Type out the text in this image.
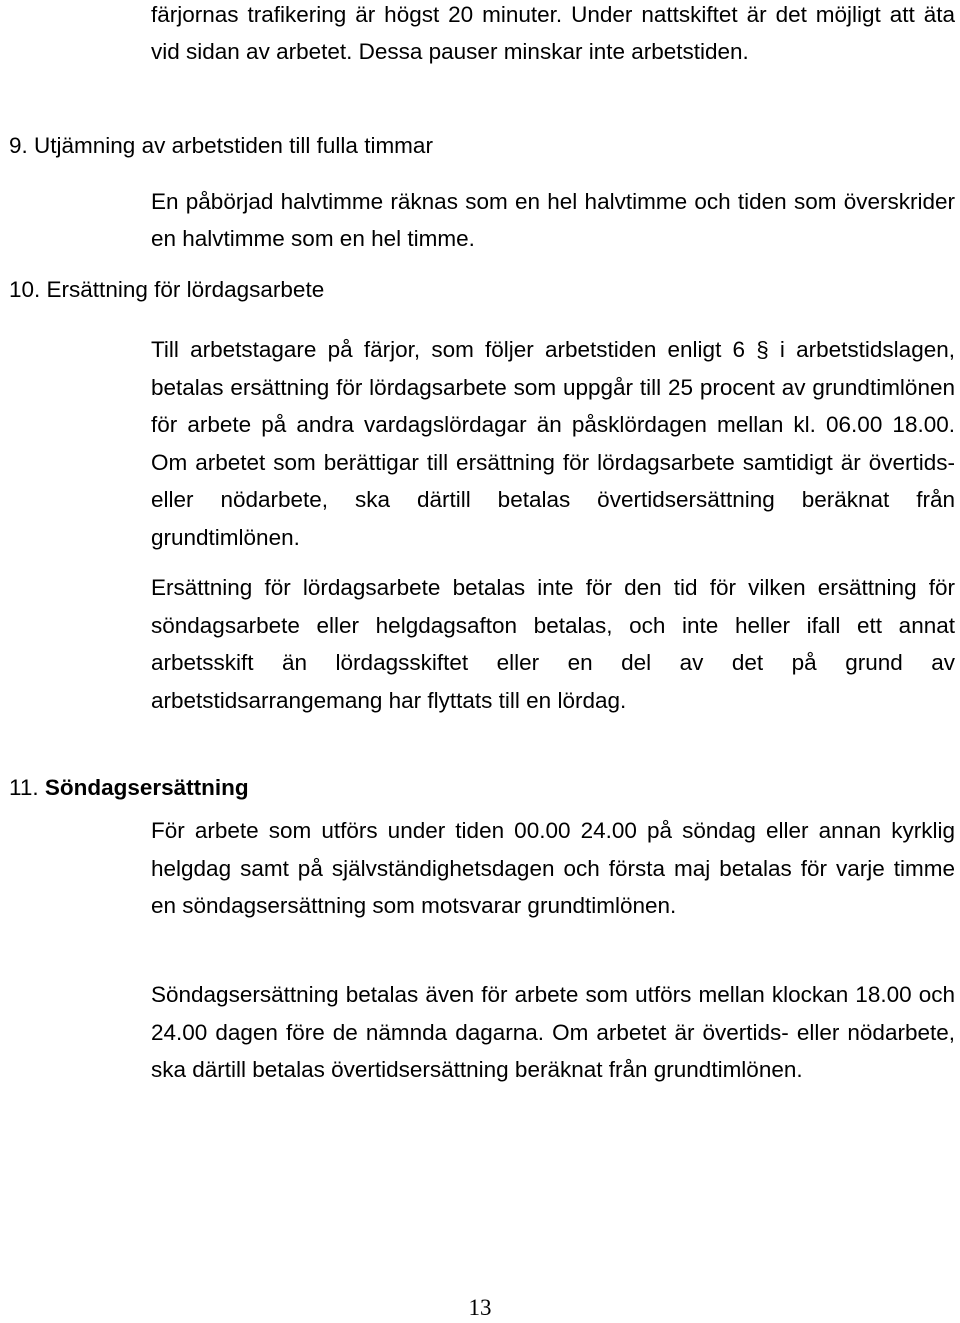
färjornas trafikering är högst 20 minuter. Under nattskiftet är det möjligt att äta vid sidan av arbetet. Dessa pauser minskar inte arbetstiden.
9. Utjämning av arbetstiden till fulla timmar
En påbörjad halvtimme räknas som en hel halvtimme och tiden som överskrider en halvtimme som en hel timme.
10. Ersättning för lördagsarbete
Till arbetstagare på färjor, som följer arbetstiden enligt 6 § i arbetstidslagen, betalas ersättning för lördagsarbete som uppgår till 25 procent av grundtimlönen för arbete på andra vardagslördagar än påsklördagen mellan kl. 06.00 18.00. Om arbetet som berättigar till ersättning för lördagsarbete samtidigt är övertids- eller nödarbete, ska därtill betalas övertidsersättning beräknat från grundtimlönen.
Ersättning för lördagsarbete betalas inte för den tid för vilken ersättning för söndagsarbete eller helgdagsafton betalas, och inte heller ifall ett annat arbetsskift än lördagsskiftet eller en del av det på grund av arbetstidsarrangemang har flyttats till en lördag.
11. Söndagsersättning
För arbete som utförs under tiden 00.00 24.00 på söndag eller annan kyrklig helgdag samt på självständighetsdagen och första maj betalas för varje timme en söndagsersättning som motsvarar grundtimlönen.
Söndagsersättning betalas även för arbete som utförs mellan klockan 18.00 och 24.00 dagen före de nämnda dagarna. Om arbetet är övertids- eller nödarbete, ska därtill betalas övertidsersättning beräknat från grundtimlönen.
13
